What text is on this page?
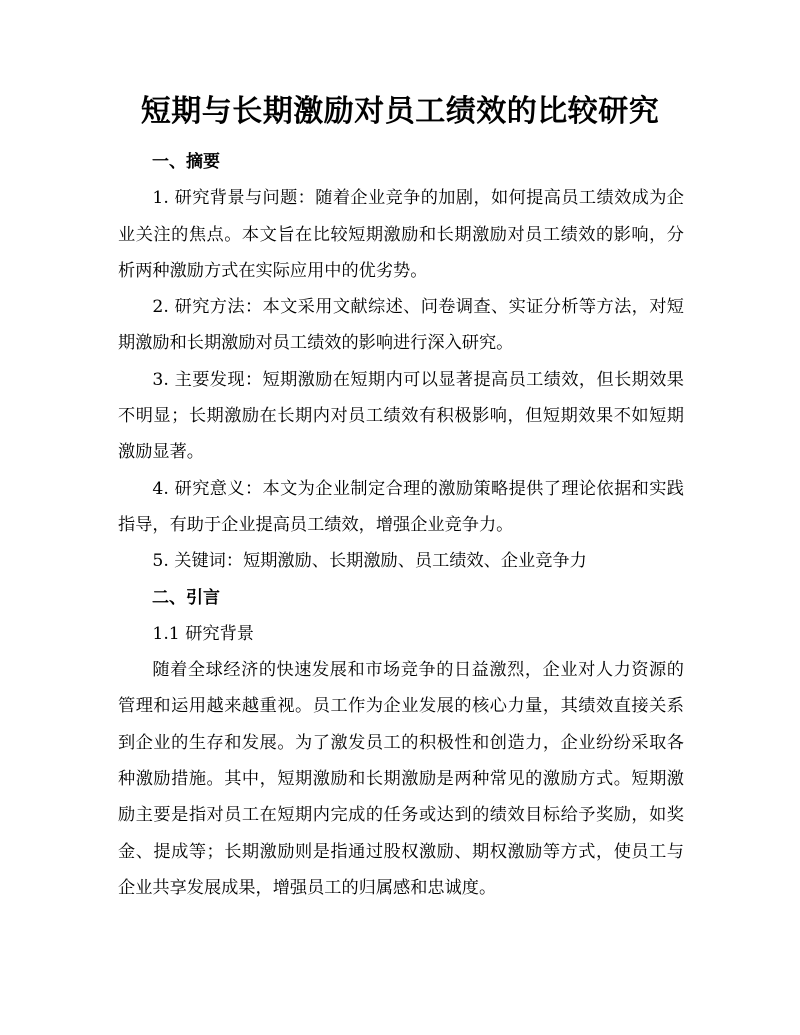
短期与长期激励对员工绩效的比较研究

一、摘要

1. 研究背景与问题：随着企业竞争的加剧，如何提高员工绩效成为企业关注的焦点。本文旨在比较短期激励和长期激励对员工绩效的影响，分析两种激励方式在实际应用中的优劣势。

2. 研究方法：本文采用文献综述、问卷调查、实证分析等方法，对短期激励和长期激励对员工绩效的影响进行深入研究。

3. 主要发现：短期激励在短期内可以显著提高员工绩效，但长期效果不明显；长期激励在长期内对员工绩效有积极影响，但短期效果不如短期激励显著。

4. 研究意义：本文为企业制定合理的激励策略提供了理论依据和实践指导，有助于企业提高员工绩效，增强企业竞争力。

5. 关键词：短期激励、长期激励、员工绩效、企业竞争力

二、引言

1.1 研究背景

随着全球经济的快速发展和市场竞争的日益激烈，企业对人力资源的管理和运用越来越重视。员工作为企业发展的核心力量，其绩效直接关系到企业的生存和发展。为了激发员工的积极性和创造力，企业纷纷采取各种激励措施。其中，短期激励和长期激励是两种常见的激励方式。短期激励主要是指对员工在短期内完成的任务或达到的绩效目标给予奖励，如奖金、提成等；长期激励则是指通过股权激励、期权激励等方式，使员工与企业共享发展成果，增强员工的归属感和忠诚度。
